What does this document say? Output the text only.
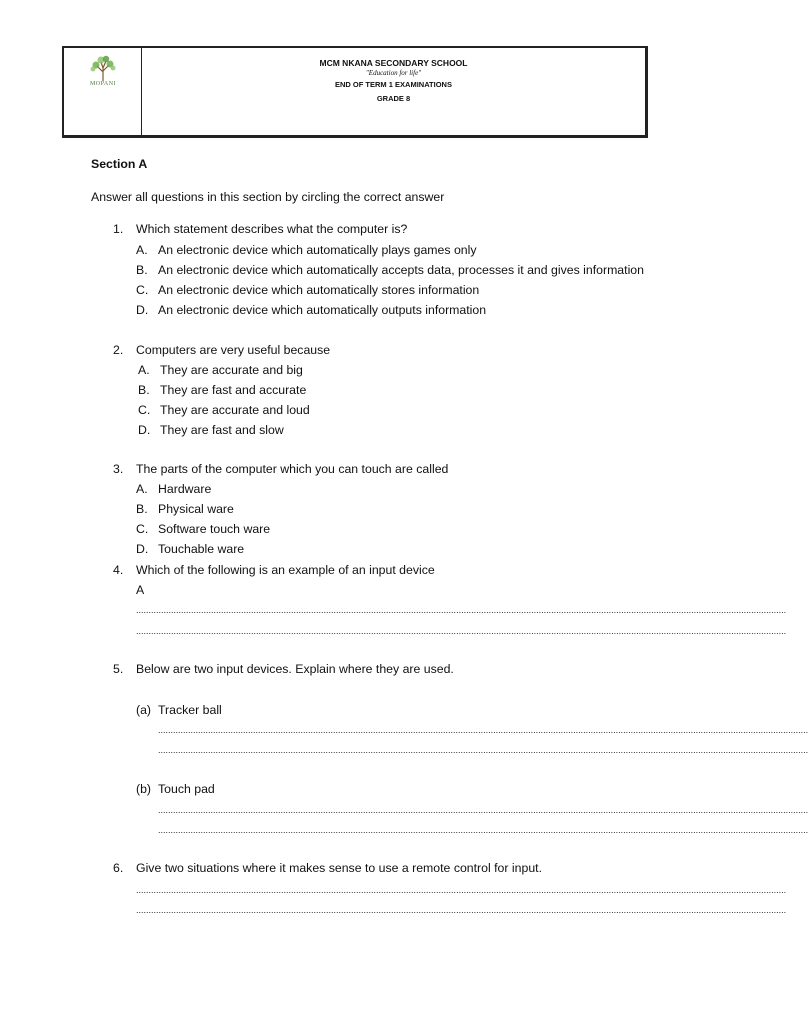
MOPANI
MCM NKANA SECONDARY SCHOOL
"Education for life"
END OF TERM 1 EXAMINATIONS
GRADE 8
Section A
Answer all questions in this section by circling the correct answer
1. Which statement describes what the computer is?
A. An electronic device which automatically plays games only
B. An electronic device which automatically accepts data, processes it and gives information
C. An electronic device which automatically stores information
D. An electronic device which automatically outputs information
2. Computers are very useful because
A. They are accurate and big
B. They are fast and accurate
C. They are accurate and loud
D. They are fast and slow
3. The parts of the computer which you can touch are called
A. Hardware
B. Physical ware
C. Software touch ware
D. Touchable ware
4. Which of the following is an example of an input device
A
....................................................................................................................................................................................................................................................................
....................................................................................................................................................................................................................................................................
5. Below are two input devices. Explain where they are used.
(a) Tracker ball
....................................................................................................................................................................................................................................................................
....................................................................................................................................................................................................................................................................
(b) Touch pad
....................................................................................................................................................................................................................................................................
....................................................................................................................................................................................................................................................................
6. Give two situations where it makes sense to use a remote control for input.
....................................................................................................................................................................................................................................................................
....................................................................................................................................................................................................................................................................
